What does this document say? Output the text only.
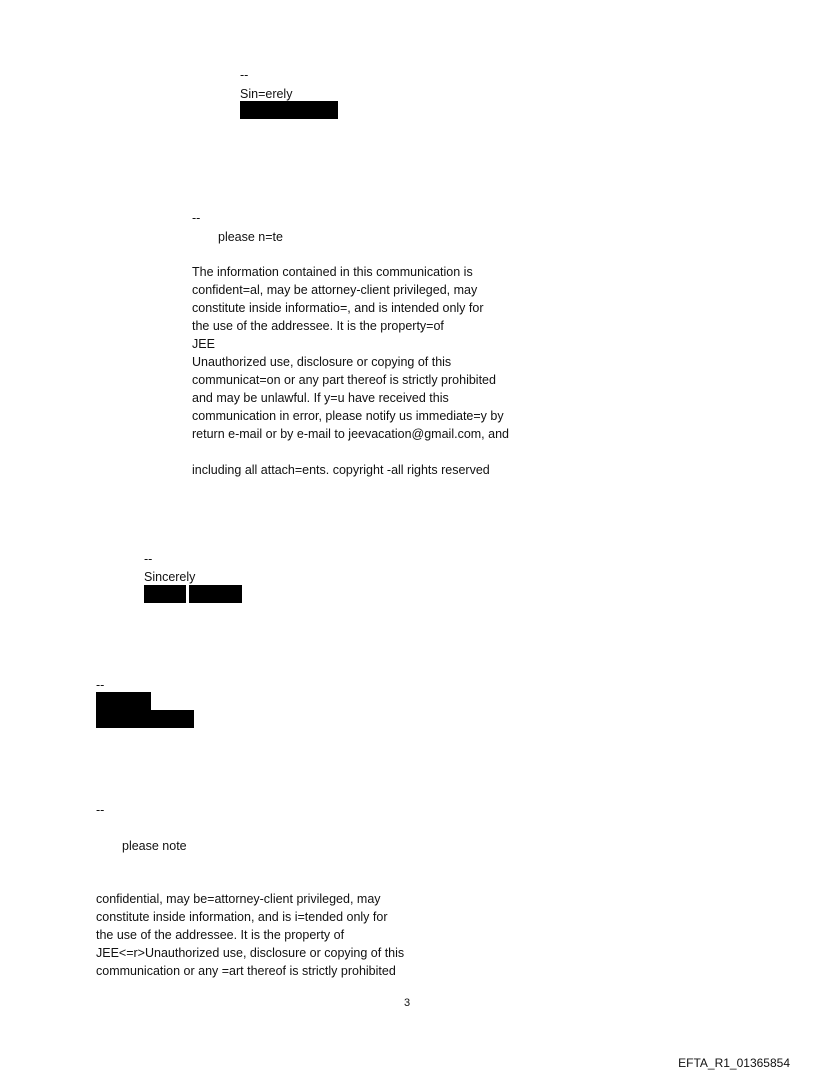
--
Sin=erely
--
please n=te
The information contained in this communication is
confident=al, may be attorney-client privileged, may
constitute inside informatio=, and is intended only for
the use of the addressee. It is the property=of
JEE
Unauthorized use, disclosure or copying of this
communicat=on or any part thereof is strictly prohibited
and may be unlawful. If y=u have received this
communication in error, please notify us immediate=y by
return e-mail or by e-mail to jeevacation@gmail.com, and
including all attach=ents. copyright -all rights reserved
--
Sincerely
--
--
please note
confidential, may be=attorney-client privileged, may
constitute inside information, and is i=tended only for
the use of the addressee. It is the property of
JEE<=r>Unauthorized use, disclosure or copying of this
communication or any =art thereof is strictly prohibited
3
EFTA_R1_01365854
